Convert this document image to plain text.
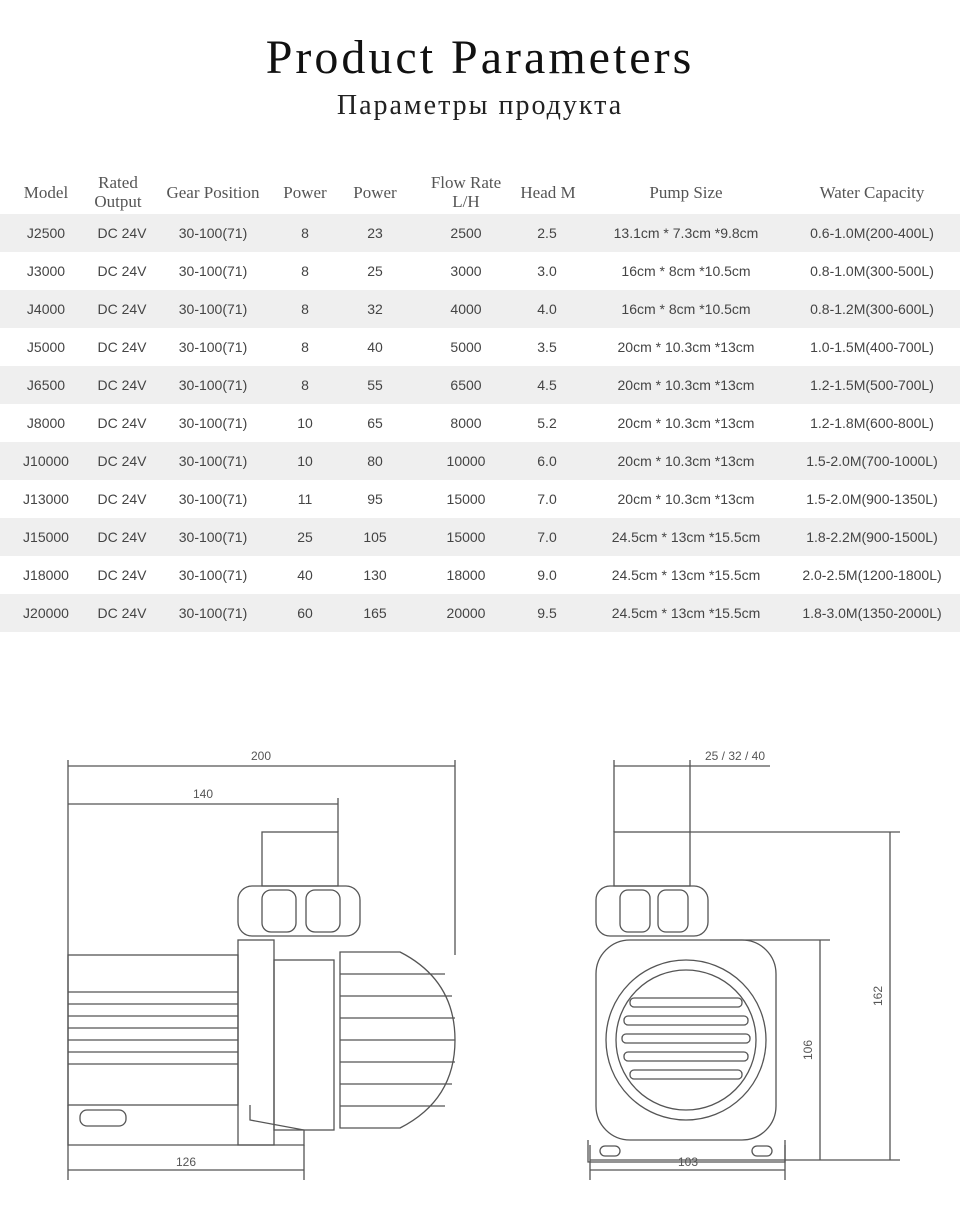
Product Parameters
Параметры продукта
Model	Rated Output	Gear Position	Power	Power	Flow Rate L/H	Head M	Pump Size	Water Capacity
J2500	DC 24V	30-100(71)	8	23	2500	2.5	13.1cm * 7.3cm *9.8cm	0.6-1.0M(200-400L)
J3000	DC 24V	30-100(71)	8	25	3000	3.0	16cm * 8cm *10.5cm	0.8-1.0M(300-500L)
J4000	DC 24V	30-100(71)	8	32	4000	4.0	16cm * 8cm *10.5cm	0.8-1.2M(300-600L)
J5000	DC 24V	30-100(71)	8	40	5000	3.5	20cm * 10.3cm *13cm	1.0-1.5M(400-700L)
J6500	DC 24V	30-100(71)	8	55	6500	4.5	20cm * 10.3cm *13cm	1.2-1.5M(500-700L)
J8000	DC 24V	30-100(71)	10	65	8000	5.2	20cm * 10.3cm *13cm	1.2-1.8M(600-800L)
J10000	DC 24V	30-100(71)	10	80	10000	6.0	20cm * 10.3cm *13cm	1.5-2.0M(700-1000L)
J13000	DC 24V	30-100(71)	11	95	15000	7.0	20cm * 10.3cm *13cm	1.5-2.0M(900-1350L)
J15000	DC 24V	30-100(71)	25	105	15000	7.0	24.5cm * 13cm *15.5cm	1.8-2.2M(900-1500L)
J18000	DC 24V	30-100(71)	40	130	18000	9.0	24.5cm * 13cm *15.5cm	2.0-2.5M(1200-1800L)
J20000	DC 24V	30-100(71)	60	165	20000	9.5	24.5cm * 13cm *15.5cm	1.8-3.0M(1350-2000L)
200
140
126
25 / 32 / 40
103
106
162
